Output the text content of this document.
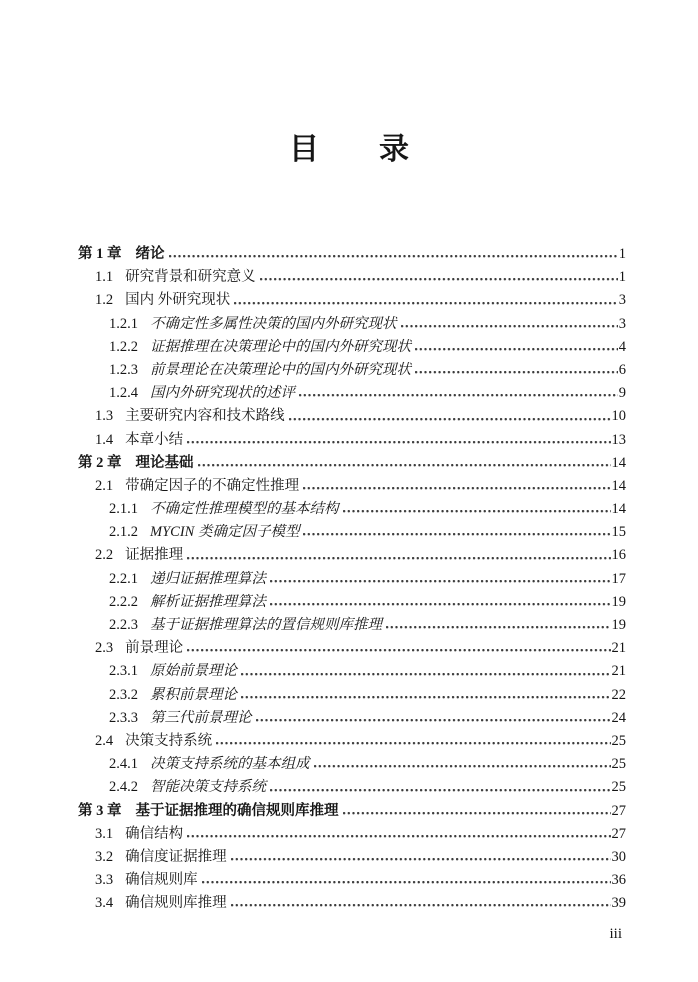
目　　录
第 1 章 绪论	1
1.1 研究背景和研究意义	1
1.2 国内 外研究现状	3
1.2.1 不确定性多属性决策的国内外研究现状	3
1.2.2 证据推理在决策理论中的国内外研究现状	4
1.2.3 前景理论在决策理论中的国内外研究现状	6
1.2.4 国内外研究现状的述评	9
1.3 主要研究内容和技术路线	10
1.4 本章小结	13
第 2 章 理论基础	14
2.1 带确定因子的不确定性推理	14
2.1.1 不确定性推理模型的基本结构	14
2.1.2 MYCIN 类确定因子模型	15
2.2 证据推理	16
2.2.1 递归证据推理算法	17
2.2.2 解析证据推理算法	19
2.2.3 基于证据推理算法的置信规则库推理	19
2.3 前景理论	21
2.3.1 原始前景理论	21
2.3.2 累积前景理论	22
2.3.3 第三代前景理论	24
2.4 决策支持系统	25
2.4.1 决策支持系统的基本组成	25
2.4.2 智能决策支持系统	25
第 3 章 基于证据推理的确信规则库推理	27
3.1 确信结构	27
3.2 确信度证据推理	30
3.3 确信规则库	36
3.4 确信规则库推理	39
iii
